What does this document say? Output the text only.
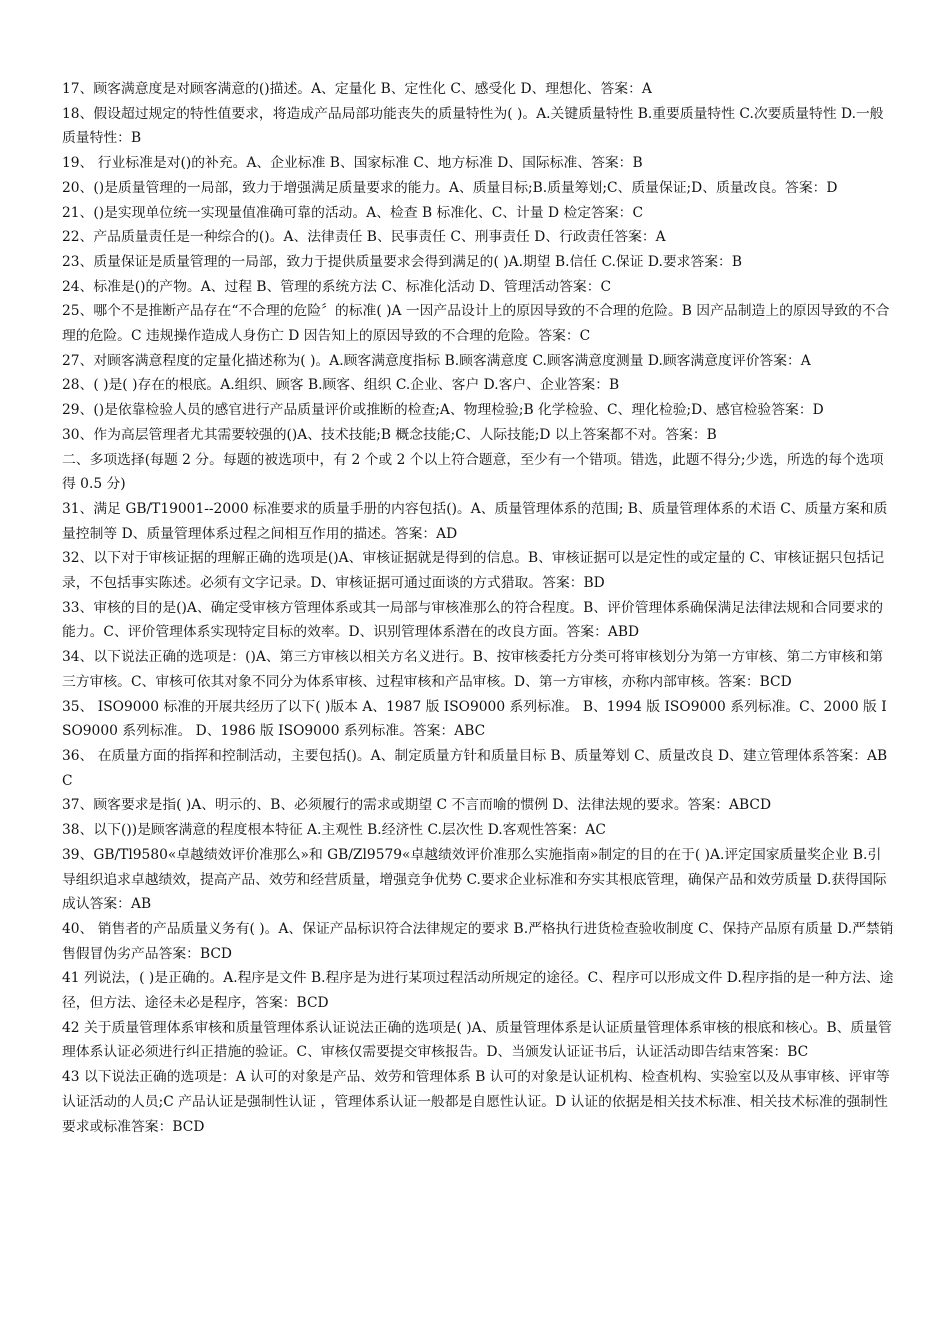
17、顾客满意度是对顾客满意的()描述。A、定量化 B、定性化 C、感受化 D、理想化、答案：A

18、假设超过规定的特性值要求，将造成产品局部功能丧失的质量特性为( )。A.关键质量特性 B.重要质量特性 C.次要质量特性 D.一般质量特性：B

19、 行业标准是对()的补充。A、企业标准 B、国家标准 C、地方标准 D、国际标准、答案：B

20、()是质量管理的一局部，致力于增强满足质量要求的能力。A、质量目标;B.质量筹划;C、质量保证;D、质量改良。答案：D

21、()是实现单位统一实现量值准确可靠的活动。A、检查 B 标准化、C、计量 D 检定答案：C

22、产品质量责任是一种综合的()。A、法律责任 B、民事责任 C、刑事责任 D、行政责任答案：A

23、质量保证是质量管理的一局部，致力于提供质量要求会得到满足的( )A.期望 B.信任 C.保证 D.要求答案：B

24、标准是()的产物。A、过程 B、管理的系统方法 C、标准化活动 D、管理活动答案：C

25、哪个不是推断产品存在“不合理的危险〞的标准( )A 一因产品设计上的原因导致的不合理的危险。B 因产品制造上的原因导致的不合理的危险。C 违规操作造成人身伤亡 D 因告知上的原因导致的不合理的危险。答案：C

27、对顾客满意程度的定量化描述称为( )。A.顾客满意度指标 B.顾客满意度 C.顾客满意度测量 D.顾客满意度评价答案：A

28、( )是( )存在的根底。A.组织、顾客 B.顾客、组织 C.企业、客户 D.客户、企业答案：B

29、()是依靠检验人员的感官进行产品质量评价或推断的检查;A、物理检验;B 化学检验、C、理化检验;D、感官检验答案：D

30、作为高层管理者尤其需要较强的()A、技术技能;B 概念技能;C、人际技能;D 以上答案都不对。答案：B

二、多项选择(每题 2 分。每题的被选项中，有 2 个或 2 个以上符合题意，至少有一个错项。错选，此题不得分;少选，所选的每个选项得 0.5 分)

31、满足 GB/T19001--2000 标准要求的质量手册的内容包括()。A、质量管理体系的范围; B、质量管理体系的术语 C、质量方案和质量控制等 D、质量管理体系过程之间相互作用的描述。答案：AD

32、以下对于审核证据的理解正确的选项是()A、审核证据就是得到的信息。B、审核证据可以是定性的或定量的 C、审核证据只包括记录，不包括事实陈述。必须有文字记录。D、审核证据可通过面谈的方式猎取。答案：BD

33、审核的目的是()A、确定受审核方管理体系或其一局部与审核准那么的符合程度。B、评价管理体系确保满足法律法规和合同要求的能力。C、评价管理体系实现特定目标的效率。D、识别管理体系潜在的改良方面。答案：ABD

34、以下说法正确的选项是：()A、第三方审核以相关方名义进行。B、按审核委托方分类可将审核划分为第一方审核、第二方审核和第三方审核。C、审核可依其对象不同分为体系审核、过程审核和产品审核。D、第一方审核，亦称内部审核。答案：BCD

35、 ISO9000 标准的开展共经历了以下( )版本 A、1987 版 ISO9000 系列标准。 B、1994 版 ISO9000 系列标准。C、2000 版 ISO9000 系列标准。 D、1986 版 ISO9000 系列标准。答案：ABC

36、 在质量方面的指挥和控制活动，主要包括()。A、制定质量方针和质量目标 B、质量筹划 C、质量改良 D、建立管理体系答案：ABC

37、顾客要求是指( )A、明示的、B、必须履行的需求或期望 C 不言而喻的惯例 D、法律法规的要求。答案：ABCD

38、以下())是顾客满意的程度根本特征 A.主观性 B.经济性 C.层次性 D.客观性答案：AC

39、GB/Tl9580«卓越绩效评价准那么»和 GB/Zl9579«卓越绩效评价准那么实施指南»制定的目的在于( )A.评定国家质量奖企业 B.引导组织追求卓越绩效，提高产品、效劳和经营质量，增强竞争优势 C.要求企业标准和夯实其根底管理，确保产品和效劳质量 D.获得国际成认答案：AB

40、 销售者的产品质量义务有( )。A、保证产品标识符合法律规定的要求 B.严格执行进货检查验收制度 C、保持产品原有质量 D.严禁销售假冒伪劣产品答案：BCD

41 列说法，( )是正确的。A.程序是文件 B.程序是为进行某项过程活动所规定的途径。C、程序可以形成文件 D.程序指的是一种方法、途径，但方法、途径未必是程序，答案：BCD

42 关于质量管理体系审核和质量管理体系认证说法正确的选项是( )A、质量管理体系是认证质量管理体系审核的根底和核心。B、质量管理体系认证必须进行纠正措施的验证。C、审核仅需要提交审核报告。D、当颁发认证证书后，认证活动即告结束答案：BC

43 以下说法正确的选项是：A 认可的对象是产品、效劳和管理体系 B 认可的对象是认证机构、检查机构、实验室以及从事审核、评审等认证活动的人员;C 产品认证是强制性认证 ，管理体系认证一般都是自愿性认证。D 认证的依据是相关技术标准、相关技术标准的强制性要求或标准答案：BCD
